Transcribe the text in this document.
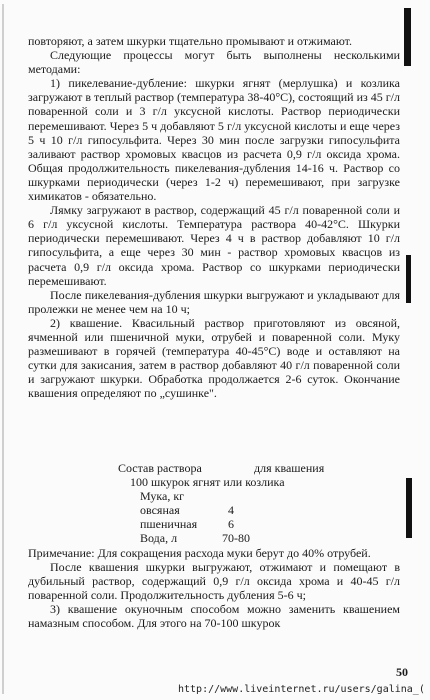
повторяют, а затем шкурки тщательно промывают и отжимают.

Следующие процессы могут быть выполнены несколькими методами:

1) пикелевание-дубление: шкурки ягнят (мерлушка) и козлика загружают в теплый раствор (температура 38-40°С), состоящий из 45 г/л поваренной соли и 3 г/л уксусной кислоты. Раствор периодически перемешивают. Через 5 ч добавляют 5 г/л уксусной кислоты и еще через 5 ч 10 г/л гипосульфита. Через 30 мин после загрузки гипосульфита заливают раствор хромовых квасцов из расчета 0,9 г/л оксида хрома. Общая продолжительность пикелевания-дубления 14-16 ч. Раствор со шкурками периодически (через 1-2 ч) перемешивают, при загрузке химикатов - обязательно.

Лямку загружают в раствор, содержащий 45 г/л поваренной соли и 6 г/л уксусной кислоты. Температура раствора 40-42°С. Шкурки периодически перемешивают. Через 4 ч в раствор добавляют 10 г/л гипосульфита, а еще через 30 мин - раствор хромовых квасцов из расчета 0,9 г/л оксида хрома. Раствор со шкурками периодически перемешивают.

После пикелевания-дубления шкурки выгружают и укладывают для пролежки не менее чем на 10 ч;

2) квашение. Квасильный раствор приготовляют из овсяной, ячменной или пшеничной муки, отрубей и поваренной соли. Муку размешивают в горячей (температура 40-45°С) воде и оставляют на сутки для закисания, затем в раствор добавляют 40 г/л поваренной соли и загружают шкурки. Обработка продолжается 2-6 суток. Окончание квашения определяют по „сушинке".

Состав раствора	для квашения
100 шкурок ягнят или козлика
Мука, кг
овсяная	4
пшеничная	6
Вода, л	70-80

Примечание: Для сокращения расхода муки берут до 40% отрубей.

После квашения шкурки выгружают, отжимают и помещают в дубильный раствор, содержащий 0,9 г/л оксида хрома и 40-45 г/л поваренной соли. Продолжительность дубления 5-6 ч;

3) квашение окуночным способом можно заменить квашением намазным способом. Для этого на 70-100 шкурок

50
http://www.liveinternet.ru/users/galina_(
